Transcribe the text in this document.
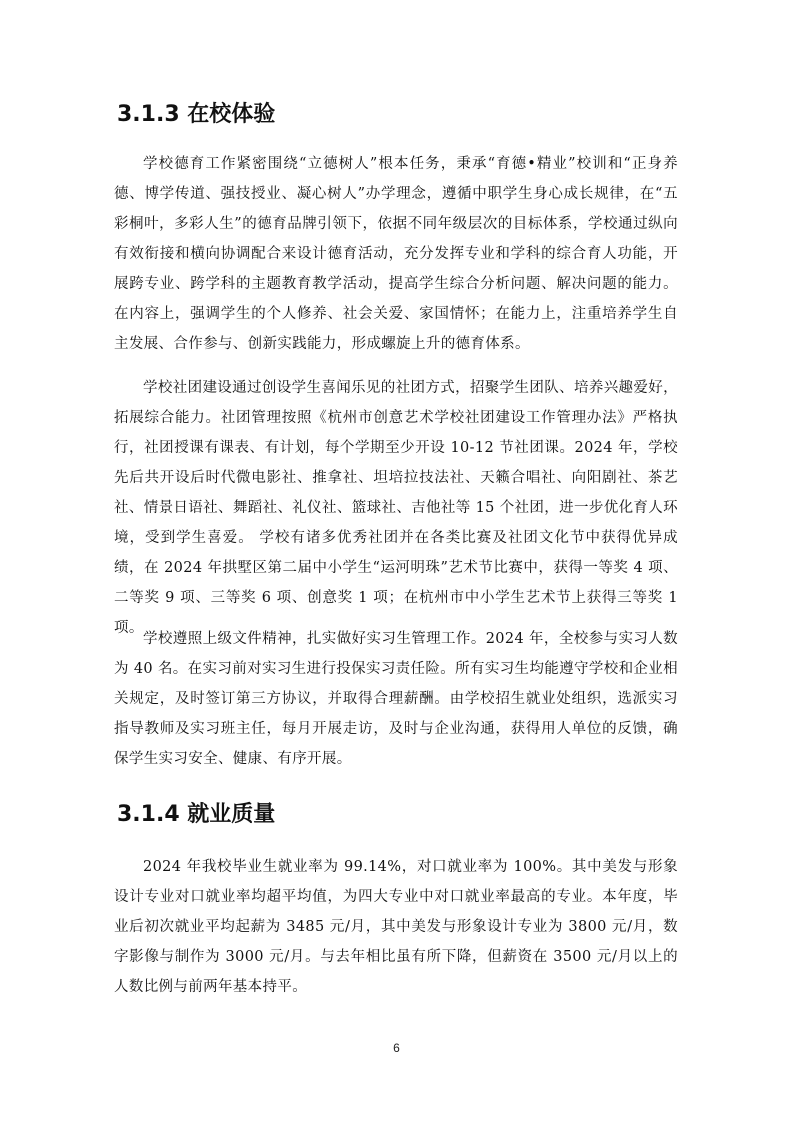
3.1.3 在校体验

学校德育工作紧密围绕“立德树人”根本任务，秉承“育德•精业”校训和“正身养德、博学传道、强技授业、凝心树人”办学理念，遵循中职学生身心成长规律，在“五彩桐叶，多彩人生”的德育品牌引领下，依据不同年级层次的目标体系，学校通过纵向有效衔接和横向协调配合来设计德育活动，充分发挥专业和学科的综合育人功能，开展跨专业、跨学科的主题教育教学活动，提高学生综合分析问题、解决问题的能力。在内容上，强调学生的个人修养、社会关爱、家国情怀；在能力上，注重培养学生自主发展、合作参与、创新实践能力，形成螺旋上升的德育体系。

学校社团建设通过创设学生喜闻乐见的社团方式，招聚学生团队、培养兴趣爱好，拓展综合能力。社团管理按照《杭州市创意艺术学校社团建设工作管理办法》严格执行，社团授课有课表、有计划，每个学期至少开设 10-12 节社团课。2024 年，学校先后共开设后时代微电影社、推拿社、坦培拉技法社、天籁合唱社、向阳剧社、茶艺社、情景日语社、舞蹈社、礼仪社、篮球社、吉他社等 15 个社团，进一步优化育人环境，受到学生喜爱。 学校有诸多优秀社团并在各类比赛及社团文化节中获得优异成绩，在 2024 年拱墅区第二届中小学生“运河明珠”艺术节比赛中，获得一等奖 4 项、二等奖 9 项、三等奖 6 项、创意奖 1 项；在杭州市中小学生艺术节上获得三等奖 1 项。

学校遵照上级文件精神，扎实做好实习生管理工作。2024 年，全校参与实习人数为 40 名。在实习前对实习生进行投保实习责任险。所有实习生均能遵守学校和企业相关规定，及时签订第三方协议，并取得合理薪酬。由学校招生就业处组织，选派实习指导教师及实习班主任，每月开展走访，及时与企业沟通，获得用人单位的反馈，确保学生实习安全、健康、有序开展。

3.1.4 就业质量

2024 年我校毕业生就业率为 99.14%，对口就业率为 100%。其中美发与形象设计专业对口就业率均超平均值，为四大专业中对口就业率最高的专业。本年度，毕业后初次就业平均起薪为 3485 元/月，其中美发与形象设计专业为 3800 元/月，数字影像与制作为 3000 元/月。与去年相比虽有所下降，但薪资在 3500 元/月以上的人数比例与前两年基本持平。

6
